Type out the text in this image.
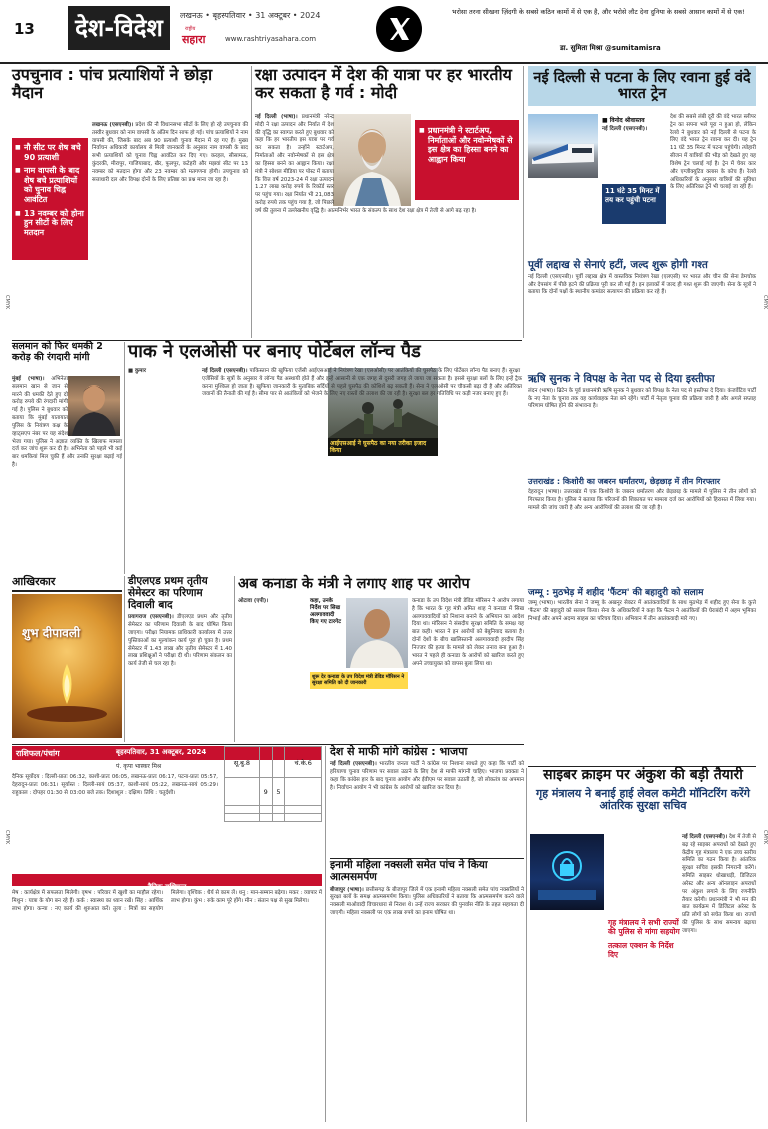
13 देश-विदेश	लखनऊ • बृहस्पतिवार • 31 अक्टूबर • 2024
राष्ट्रीय
सहारा	www.rashtriyasahara.com
भरोसा तरना सीखना ज़िंदगी के सबसे कठिन कामों में से एक है, और भरोसे लौट देना दुनिया के सबसे आसान कामों में से एक!
डा. सुमिता मिश्रा @sumitamisra
CMYK	CMYK
CMYK	CMYK
उपचुनाव : पांच प्रत्याशियों ने छोड़ा मैदान
■ नौ सीट पर शेष बचे 90 प्रत्याशी
■ नाम वापसी के बाद शेष बचे प्रत्याशियों को चुनाव चिह्न आवंटित
■ 13 नवम्बर को होना हुन सीटों के लिए मतदान
लखनऊ (एसएनबी)। प्रदेश की नौ विधानसभा सीटों के लिए हो रहे उपचुनाव की तस्वीर बुधवार को नाम वापसी के अंतिम दिन साफ हो गई। पांच प्रत्याशियों ने नाम वापसी की, जिसके बाद अब 90 प्रत्याशी चुनाव मैदान में रह गए हैं। मुख्य निर्वाचन अधिकारी कार्यालय से मिली जानकारी के अनुसार नाम वापसी के बाद सभी प्रत्याशियों को चुनाव चिह्न आवंटित कर दिए गए। करहल, सीसामऊ, कुंदरकी, मीरापुर, गाजियाबाद, खैर, फूलपुर, कटेहरी और मझवां सीट पर 13 नवम्बर को मतदान होगा और 23 नवम्बर को मतगणना होगी। उपचुनाव को सत्ताधारी दल और विपक्ष दोनों के लिए प्रतिष्ठा का प्रश्न माना जा रहा है।
रक्षा उत्पादन में देश की यात्रा पर हर भारतीय कर सकता है गर्व : मोदी
■ प्रधानमंत्री ने स्टार्टअप, निर्माताओं और नवोन्मेषकों से इस क्षेत्र का हिस्सा बनने का आह्वान किया
नई दिल्ली (भाषा)। प्रधानमंत्री नरेन्द्र मोदी ने रक्षा उत्पादन और निर्यात में देश की वृद्धि का स्वागत करते हुए बुधवार को कहा कि हर भारतीय इस यात्रा पर गर्व कर सकता है। उन्होंने स्टार्टअप, निर्माताओं और नवोन्मेषकों से इस क्षेत्र का हिस्सा बनने का आह्वान किया। रक्षा मंत्री ने सोशल मीडिया पर पोस्ट में बताया कि वित्त वर्ष 2023-24 में रक्षा उत्पादन 1.27 लाख करोड़ रुपये के रिकॉर्ड स्तर पर पहुंच गया। रक्षा निर्यात भी 21,083 करोड़ रुपये तक पहुंच गया है, जो पिछले वर्ष की तुलना में उल्लेखनीय वृद्धि है। आत्मनिर्भर भारत के संकल्प के साथ देश रक्षा क्षेत्र में तेजी से आगे बढ़ रहा है।
नई दिल्ली से पटना के लिए रवाना हुई वंदे भारत ट्रेन
■ विनोद श्रीवास्तव
11 घंटे 35 मिनट में तय कर पहुंची पटना
देश की सबसे लंबी दूरी की वंदे भारत स्लीपर ट्रेन का सपना भले पूरा न हुआ हो, लेकिन रेलवे ने बुधवार को नई दिल्ली से पटना के लिए वंदे भारत ट्रेन रवाना कर दी। यह ट्रेन 11 घंटे 35 मिनट में पटना पहुंचेगी। त्योहारी सीजन में यात्रियों की भीड़ को देखते हुए यह विशेष ट्रेन चलाई गई है। ट्रेन में चेयर कार और एग्जीक्यूटिव क्लास के कोच हैं। रेलवे अधिकारियों के अनुसार यात्रियों की सुविधा के लिए अतिरिक्त ट्रेनें भी चलाई जा रही हैं।
नई दिल्ली (एसएनबी)।
पूर्वी लद्दाख से सेनाएं हटीं, जल्द शुरू होगी गश्त
नई दिल्ली (एसएनबी)। पूर्वी लद्दाख क्षेत्र में वास्तविक नियंत्रण रेखा (एलएसी) पर भारत और चीन की सेना डेमचोक और देपसांग में पीछे हटने की प्रक्रिया पूरी कर ली गई है। इन इलाकों में जल्द ही गश्त शुरू की जाएगी। सेना के सूत्रों ने बताया कि दोनों पक्षों के स्थानीय कमांडर सत्यापन की प्रक्रिया कर रहे हैं।
ऋषि सुनक ने विपक्ष के नेता पद से दिया इस्तीफा
लंदन (भाषा)। ब्रिटेन के पूर्व प्रधानमंत्री ऋषि सुनक ने बुधवार को विपक्ष के नेता पद से इस्तीफा दे दिया। कंजर्वेटिव पार्टी के नए नेता के चुनाव तक वह कार्यवाहक नेता बने रहेंगे। पार्टी में नेतृत्व चुनाव की प्रक्रिया जारी है और अगले सप्ताह परिणाम घोषित होने की संभावना है।
उत्तराखंड : किशोरी का जबरन धर्मांतरण, छेड़छाड़ में तीन गिरफ्तार
देहरादून (भाषा)। उत्तराखंड में एक किशोरी के जबरन धर्मांतरण और छेड़छाड़ के मामले में पुलिस ने तीन लोगों को गिरफ्तार किया है। पुलिस ने बताया कि परिजनों की शिकायत पर मामला दर्ज कर आरोपियों को हिरासत में लिया गया। मामले की जांच जारी है और अन्य आरोपियों की तलाश की जा रही है।
जम्मू : मुठभेड़ में शहीद 'फैंटम' की बहादुरी को सलाम
जम्मू (भाषा)। भारतीय सेना ने जम्मू के अखनूर सेक्टर में आतंकवादियों के साथ मुठभेड़ में शहीद हुए सेना के कुत्ते 'फैंटम' की बहादुरी को सलाम किया। सेना के अधिकारियों ने कहा कि फैंटम ने आतंकियों की घेराबंदी में अहम भूमिका निभाई और अपने अदम्य साहस का परिचय दिया। अभियान में तीन आतंकवादी मारे गए।
सलमान को फिर धमकी 2 करोड़ की रंगदारी मांगी
मुंबई (भाषा)। अभिनेता सलमान खान से जान से मारने की धमकी देते हुए दो करोड़ रुपये की रंगदारी मांगी गई है। पुलिस ने बुधवार को बताया कि मुंबई यातायात पुलिस के नियंत्रण कक्ष के व्हाट्सएप नंबर पर यह संदेश भेजा गया। पुलिस ने अज्ञात व्यक्ति के खिलाफ मामला दर्ज कर जांच शुरू कर दी है। अभिनेता को पहले भी कई बार धमकियां मिल चुकी हैं और उनकी सुरक्षा बढ़ाई गई है।
पाक ने एलओसी पर बनाए पोर्टेबल लॉन्च पैड
आईएसआई ने घुसपैठ का नया तरीका इजाद किया
■ कुमार	नई दिल्ली (एसएनबी)। पाकिस्तान की खुफिया एजेंसी आईएसआई ने नियंत्रण रेखा (एलओसी) पर आतंकियों की घुसपैठ के लिए पोर्टेबल लॉन्च पैड बनाए हैं। सुरक्षा एजेंसियों के सूत्रों के अनुसार ये लॉन्च पैड अस्थायी होते हैं और इन्हें आसानी से एक जगह से दूसरी जगह ले जाया जा सकता है। इससे सुरक्षा बलों के लिए इन्हें ट्रैक करना मुश्किल हो जाता है। खुफिया जानकारी के मुताबिक सर्दियों से पहले घुसपैठ की कोशिशें बढ़ सकती हैं। सेना ने एलओसी पर चौकसी बढ़ा दी है और अतिरिक्त जवानों की तैनाती की गई है। सीमा पार से आतंकियों को भेजने के लिए नए रास्तों की तलाश की जा रही है। सुरक्षा बल हर गतिविधि पर कड़ी नजर बनाए हुए हैं।
आखिरकार
शुभ दीपावली
डीएलएड प्रथम तृतीय सेमेस्टर का परिणाम दिवाली बाद
प्रयागराज (एसएनबी)। डीएलएड प्रथम और तृतीय सेमेस्टर का परिणाम दिवाली के बाद घोषित किया जाएगा। परीक्षा नियामक प्राधिकारी कार्यालय में उत्तर पुस्तिकाओं का मूल्यांकन कार्य पूरा हो चुका है। प्रथम सेमेस्टर में 1.43 लाख और तृतीय सेमेस्टर में 1.40 लाख प्रशिक्षुओं ने परीक्षा दी थी। परिणाम संकलन का कार्य तेजी से चल रहा है।
अब कनाडा के मंत्री ने लगाए शाह पर आरोप
कहा, उनके निर्देश पर सिख अलगाववादी किए गए टारगेट
शुरू देर कनाडा के उप विदेश मंत्री डेविड मॉरिसन ने सुरक्षा समिति को दी जानकारी
ओटावा (एपी)।	कनाडा के उप विदेश मंत्री डेविड मॉरिसन ने आरोप लगाया है कि भारत के गृह मंत्री अमित शाह ने कनाडा में सिख अलगाववादियों को निशाना बनाने के अभियान का आदेश दिया था। मॉरिसन ने संसदीय सुरक्षा समिति के समक्ष यह बात कही। भारत ने इन आरोपों को बेबुनियाद बताया है। दोनों देशों के बीच खालिस्तानी अलगाववादी हरदीप सिंह निज्जर की हत्या के मामले को लेकर तनाव बना हुआ है। भारत ने पहले ही कनाडा के आरोपों को खारिज करते हुए अपने उच्चायुक्त को वापस बुला लिया था।
राशिफल/पंचांग	बृहस्पतिवार, 31 अक्टूबर, 2024
पं. कृपा भास्कर मिश्र	सू.बु.8			चं.के.6
	9	5	

दैनिक सूर्योदय : दिल्ली-प्रातः 06:32, काशी-प्रातः 06:05, लखनऊ-प्रातः 06:17, पटना-प्रातः 05:57, देहरादून-प्रातः 06:31। सूर्यास्त : दिल्ली-सायं 05:37, काशी-सायं 05:22, लखनऊ-सायं 05:29। राहुकाल : दोपहर 01:30 से 03:00 बजे तक। दिशाशूल : दक्षिण। तिथि : चतुर्दशी।
दैनिक राशिफल
मेष : कार्यक्षेत्र में सफलता मिलेगी। वृषभ : परिवार में खुशी का माहौल रहेगा। मिथुन : यात्रा के योग बन रहे हैं। कर्क : स्वास्थ्य का ध्यान रखें। सिंह : आर्थिक लाभ होगा। कन्या : नए कार्य की शुरुआत करें। तुला : मित्रों का सहयोग मिलेगा। वृश्चिक : धैर्य से काम लें। धनु : मान-सम्मान बढ़ेगा। मकर : व्यापार में लाभ होगा। कुंभ : रुके काम पूरे होंगे। मीन : संतान पक्ष से सुख मिलेगा।
देश से माफी मांगे कांग्रेस : भाजपा
नई दिल्ली (एसएनबी)। भारतीय जनता पार्टी ने कांग्रेस पर निशाना साधते हुए कहा कि पार्टी को हरियाणा चुनाव परिणाम पर सवाल उठाने के लिए देश से माफी मांगनी चाहिए। भाजपा प्रवक्ता ने कहा कि कांग्रेस हार के बाद चुनाव आयोग और ईवीएम पर सवाल उठाती है, जो लोकतंत्र का अपमान है। निर्वाचन आयोग ने भी कांग्रेस के आरोपों को खारिज कर दिया है।
इनामी महिला नक्सली समेत पांच ने किया आत्मसमर्पण
बीजापुर (भाषा)। छत्तीसगढ़ के बीजापुर जिले में एक इनामी महिला नक्सली समेत पांच नक्सलियों ने सुरक्षा बलों के समक्ष आत्मसमर्पण किया। पुलिस अधिकारियों ने बताया कि आत्मसमर्पण करने वाले नक्सली माओवादी विचारधारा से निराश थे। उन्हें राज्य सरकार की पुनर्वास नीति के तहत सहायता दी जाएगी। महिला नक्सली पर एक लाख रुपये का इनाम घोषित था।
साइबर क्राइम पर अंकुश की बड़ी तैयारी
गृह मंत्रालय ने बनाई हाई लेवल कमेटी मॉनिटरिंग करेंगे आंतरिक सुरक्षा सचिव
गृह मंत्रालय ने सभी राज्यों की पुलिस से मांगा सहयोग
तत्काल एक्शन के निर्देश दिए
नई दिल्ली (एसएनबी)। देश में तेजी से बढ़ रहे साइबर अपराधों को देखते हुए केंद्रीय गृह मंत्रालय ने एक उच्च स्तरीय समिति का गठन किया है। आंतरिक सुरक्षा सचिव इसकी निगरानी करेंगे। समिति साइबर धोखाधड़ी, डिजिटल अरेस्ट और अन्य ऑनलाइन अपराधों पर अंकुश लगाने के लिए रणनीति तैयार करेगी। प्रधानमंत्री ने भी मन की बात कार्यक्रम में डिजिटल अरेस्ट के प्रति लोगों को सचेत किया था। राज्यों की पुलिस के साथ समन्वय बढ़ाया जाएगा।
